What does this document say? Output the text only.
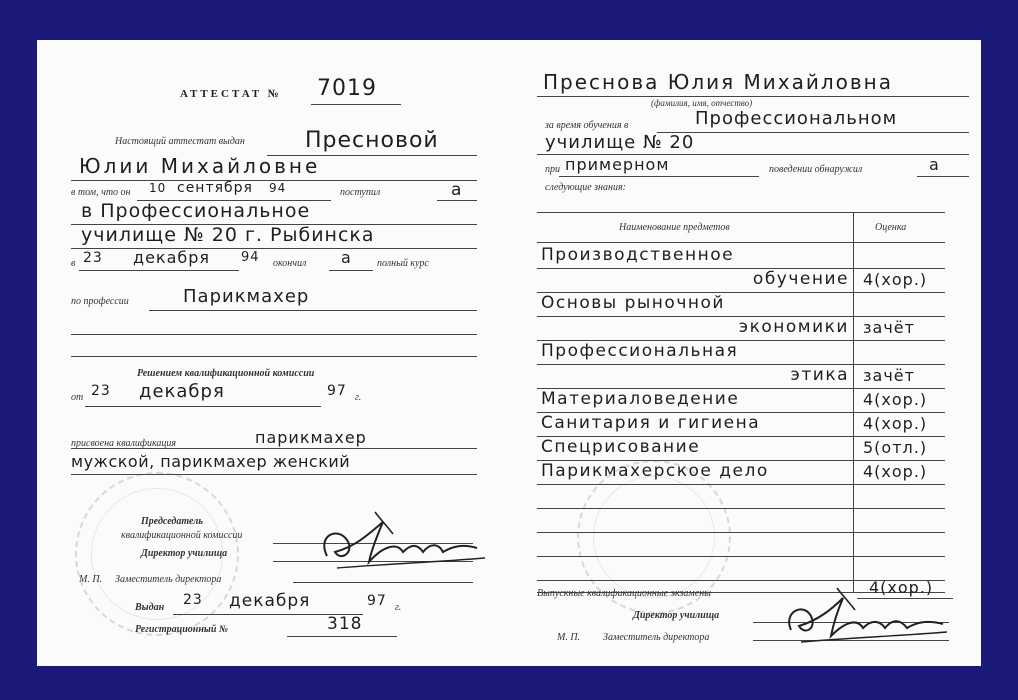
АТТЕСТАТ № 7019
Настоящий аттестат выдан	Пресновой
Юлии Михайловне
в том, что он 10 сентября 94	поступил	а
в Профессиональное
училище № 20 г. Рыбинска
в 23 декабря 94 окончил а	полный курс
по профессии	Парикмахер
Решением квалификационной комиссии
от 23 декабря	97 г.
присвоена квалификация	парикмахер
мужской, парикмахер женский
Председатель
квалификационной комиссии
Директор училища
М. П. Заместитель директора
Выдан 23 декабря	97 г.
Регистрационный №	318
Преснова Юлия Михайловна
(фамилия, имя, отчество)
за время обучения в	Профессиональном
училище № 20
при примерном	поведении обнаружил	а
следующие знания:
Наименование предметов	Оценка
Производственное
обучение 4(хор.)
Основы рыночной
экономики зачёт
Профессиональная
этика зачёт
Материаловедение	4(хор.)
Санитария и гигиена	4(хор.)
Спецрисование	5(отл.)
Парикмахерское дело	4(хор.)
Выпускные квалификационные экзамены	4(хор.)
Директор училища
М. П. Заместитель директора
